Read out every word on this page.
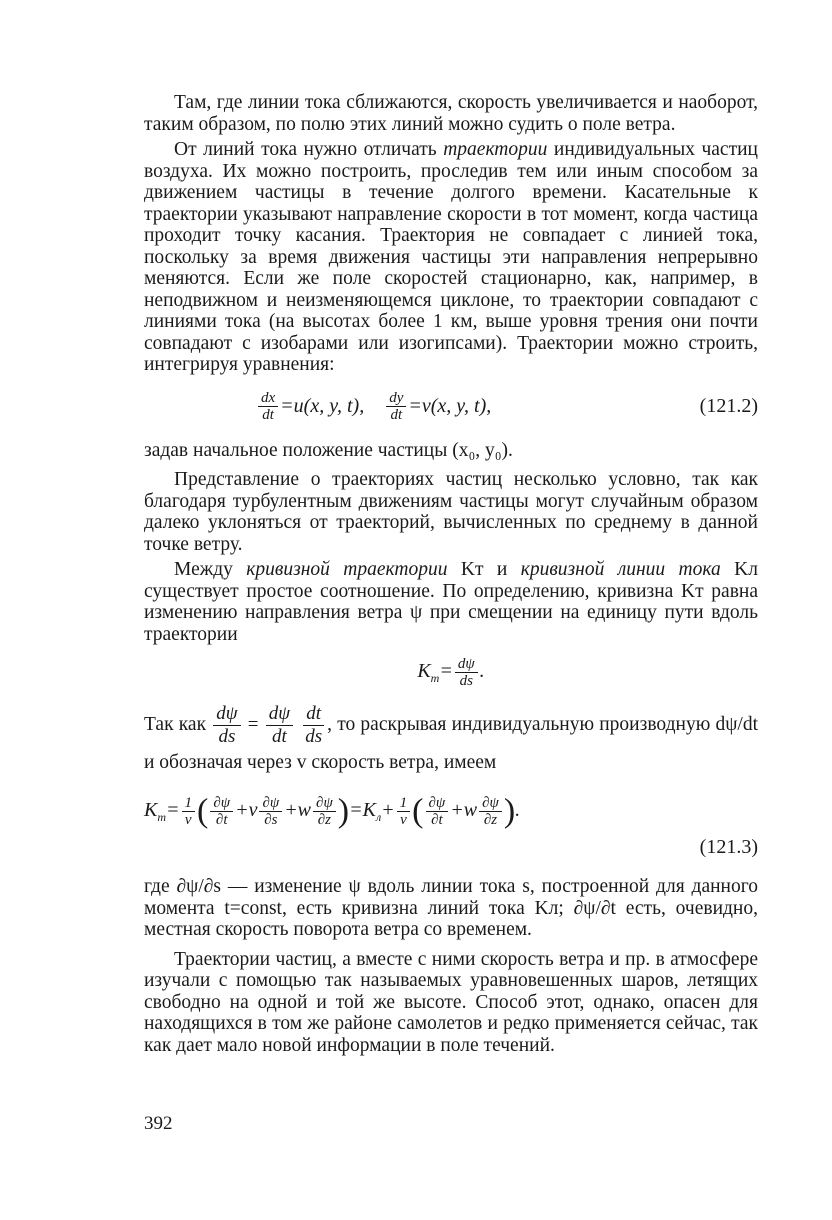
Там, где линии тока сближаются, скорость увеличивается и наоборот, таким образом, по полю этих линий можно судить о поле ветра.

От линий тока нужно отличать траектории индивидуальных частиц воздуха. Их можно построить, проследив тем или иным способом за движением частицы в течение долгого времени. Касательные к траектории указывают направление скорости в тот момент, когда частица проходит точку касания. Траектория не совпадает с линией тока, поскольку за время движения частицы эти направления непрерывно меняются. Если же поле скоростей стационарно, как, например, в неподвижном и неизменяющемся циклоне, то траектории совпадают с линиями тока (на высотах более 1 км, выше уровня трения они почти совпадают с изобарами или изогипсами). Траектории можно строить, интегрируя уравнения:

$\frac{dx}{dt} =u(x$, y, t), $\frac{dy}{dt} =v(x$, y, t),	(121.2)

задав начальное положение частицы (x₀, y₀).

Представление о траекториях частиц несколько условно, так как благодаря турбулентным движениям частицы могут случайным образом далеко уклоняться от траекторий, вычисленных по среднему в данной точке ветру.

Между кривизной траектории Kт и кривизной линии тока Kл существует простое соотношение. По определению, кривизна Kт равна изменению направления ветра ψ при смещении на единицу пути вдоль траектории

$K_т= \frac{d\psi}{ds}$ .

Так как $\frac{d\psi}{ds} = \frac{d\psi}{dt}$
$\frac{dt}{ds}$ , то раскрывая индивидуальную производную dψ/dt и обозначая через v скорость ветра, имеем

$K_т= \frac{1}{v}$ ( $\frac{\partial\psi}{\partial t} +v \frac{\partial\psi}{\partial s} +w \frac{\partial\psi}{\partial z} )=K_л+ \frac{1}{v}$ ( $\frac{\partial\psi}{\partial t} +w \frac{\partial\psi}{\partial z}$ ).
(121.3)

где ∂ψ/∂s — изменение ψ вдоль линии тока s, построенной для данного момента t=const, есть кривизна линий тока Kл; ∂ψ/∂t есть, очевидно, местная скорость поворота ветра со временем.

Траектории частиц, а вместе с ними скорость ветра и пр. в атмосфере изучали с помощью так называемых уравновешенных шаров, летящих свободно на одной и той же высоте. Способ этот, однако, опасен для находящихся в том же районе самолетов и редко применяется сейчас, так как дает мало новой информации в поле течений.

392
